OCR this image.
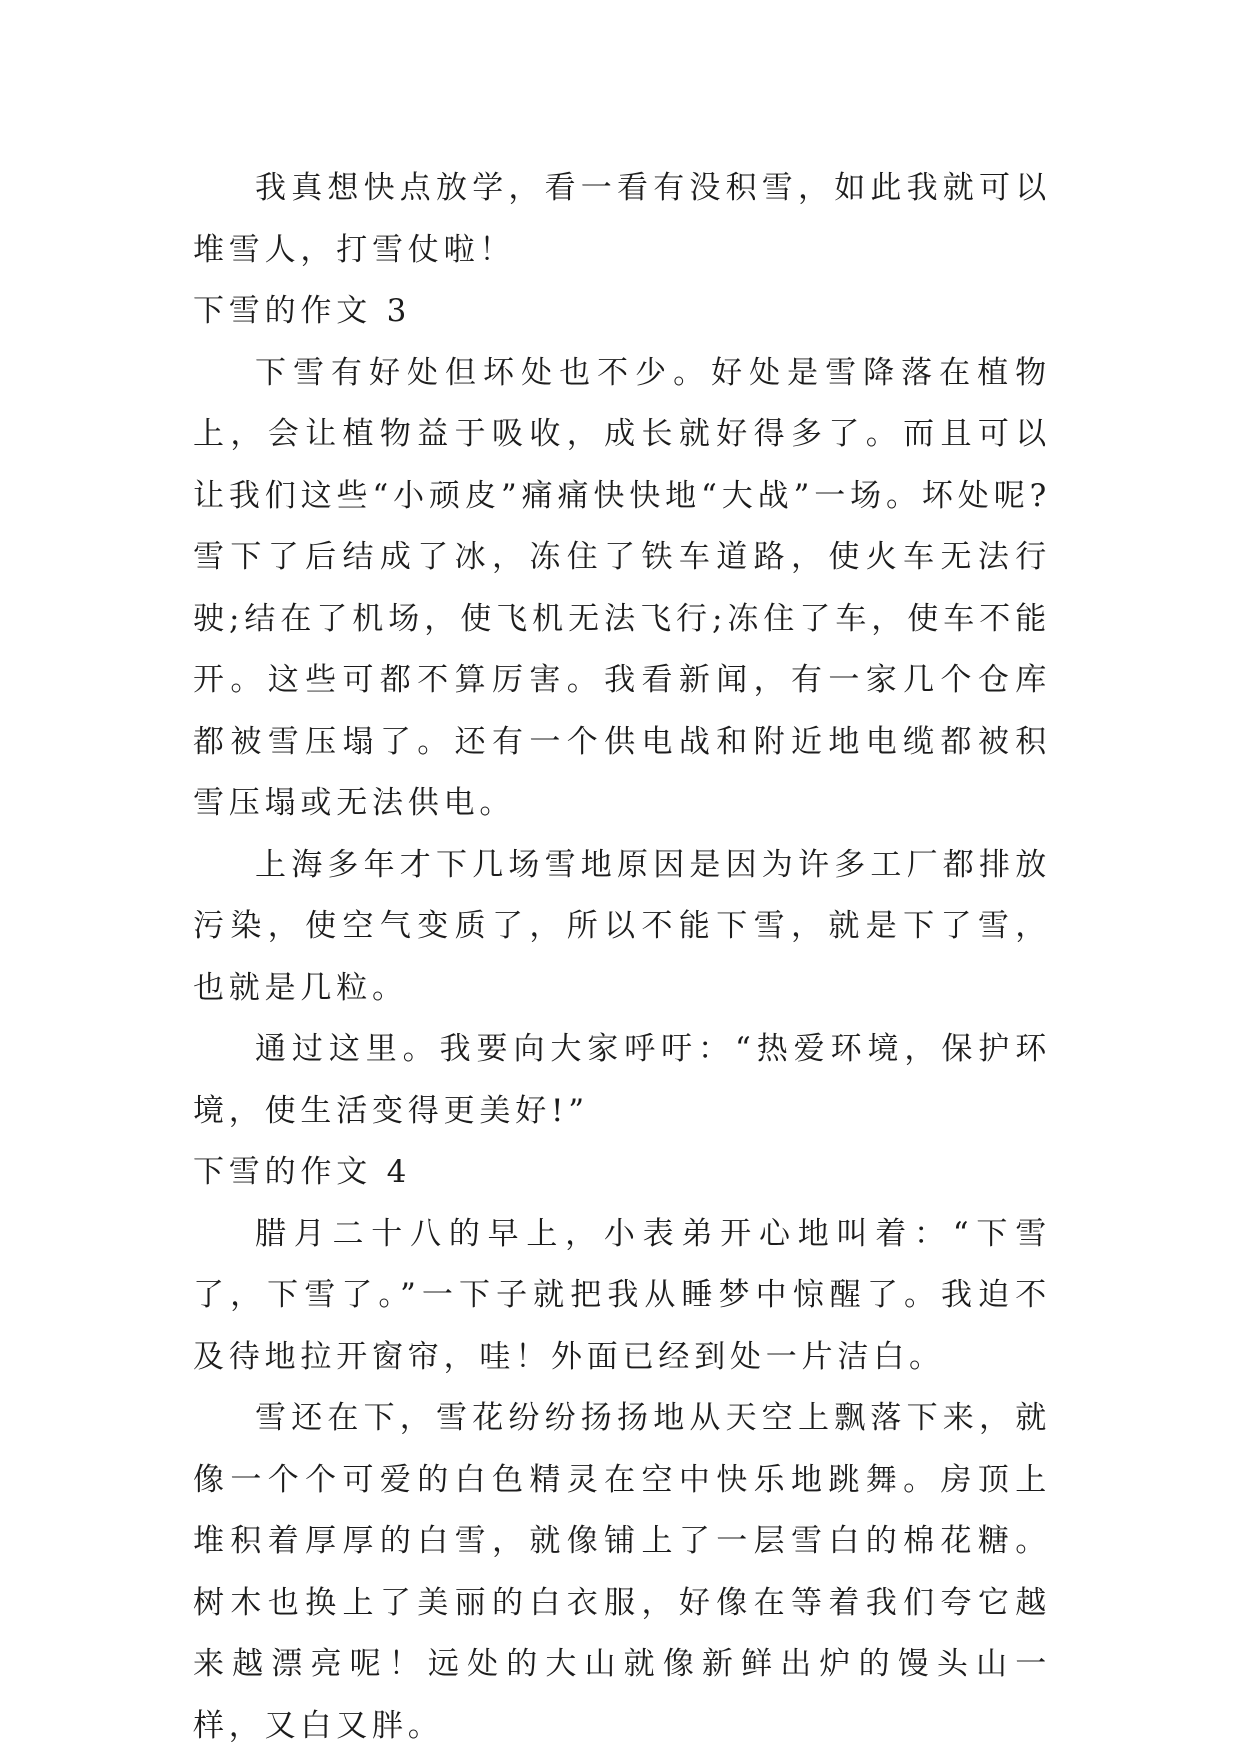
我真想快点放学，看一看有没积雪，如此我就可以堆雪人，打雪仗啦！

下雪的作文 3

下雪有好处但坏处也不少。好处是雪降落在植物上，会让植物益于吸收，成长就好得多了。而且可以让我们这些“小顽皮”痛痛快快地“大战”一场。坏处呢?雪下了后结成了冰，冻住了铁车道路，使火车无法行驶;结在了机场，使飞机无法飞行;冻住了车，使车不能开。这些可都不算厉害。我看新闻，有一家几个仓库都被雪压塌了。还有一个供电战和附近地电缆都被积雪压塌或无法供电。

上海多年才下几场雪地原因是因为许多工厂都排放污染，使空气变质了，所以不能下雪，就是下了雪，也就是几粒。

通过这里。我要向大家呼吁：“热爱环境，保护环境，使生活变得更美好!”

下雪的作文 4

腊月二十八的早上，小表弟开心地叫着：“下雪了，下雪了。”一下子就把我从睡梦中惊醒了。我迫不及待地拉开窗帘，哇！外面已经到处一片洁白。

雪还在下，雪花纷纷扬扬地从天空上飘落下来，就像一个个可爱的白色精灵在空中快乐地跳舞。房顶上堆积着厚厚的白雪，就像铺上了一层雪白的棉花糖。树木也换上了美丽的白衣服，好像在等着我们夸它越来越漂亮呢！远处的大山就像新鲜出炉的馒头山一样，又白又胖。
